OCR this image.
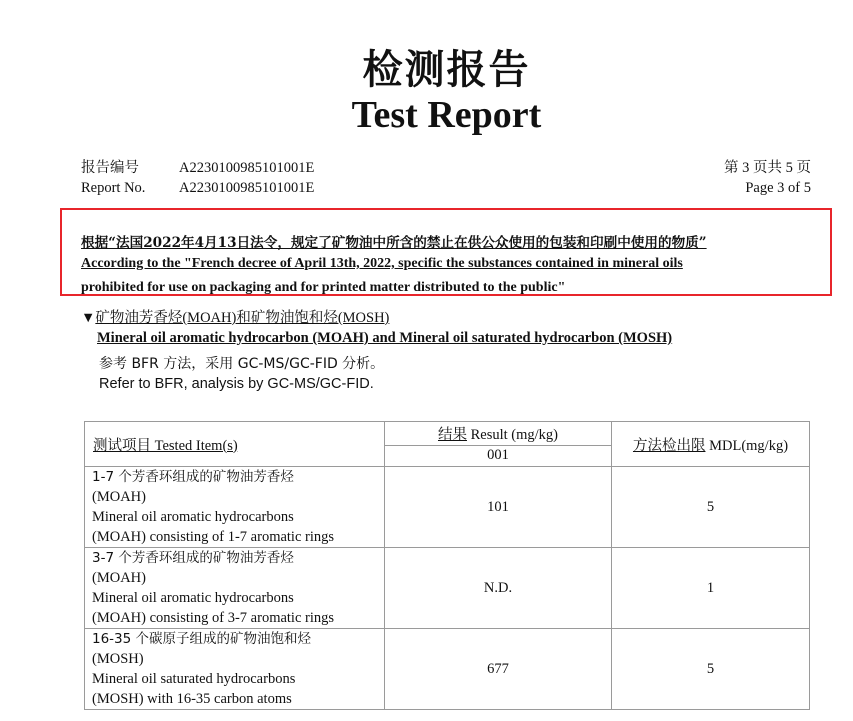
检测报告
Test Report
报告编号	A2230100985101001E
Report No. A2230100985101001E
第 3 页共 5 页
Page 3 of 5
根据“法国2022年4月13日法令，规定了矿物油中所含的禁止在供公众使用的包装和印刷中使用的物质”
According to the "French decree of April 13th, 2022, specific the substances contained in mineral oils
prohibited for use on packaging and for printed matter distributed to the public"
▼矿物油芳香烃(MOAH)和矿物油饱和烃(MOSH)
Mineral oil aromatic hydrocarbon (MOAH) and Mineral oil saturated hydrocarbon (MOSH)
参考 BFR 方法，采用 GC-MS/GC-FID 分析。
Refer to BFR, analysis by GC-MS/GC-FID.
测试项目 Tested Item(s)	结果 Result (mg/kg)	方法检出限 MDL(mg/kg)
	001	

1-7 个芳香环组成的矿物油芳香烃
(MOAH)
Mineral oil aromatic hydrocarbons
(MOAH) consisting of 1-7 aromatic rings	101	5

3-7 个芳香环组成的矿物油芳香烃
(MOAH)
Mineral oil aromatic hydrocarbons
(MOAH) consisting of 3-7 aromatic rings	N.D.	1

16-35 个碳原子组成的矿物油饱和烃
(MOSH)
Mineral oil saturated hydrocarbons
(MOSH) with 16-35 carbon atoms	677	5
